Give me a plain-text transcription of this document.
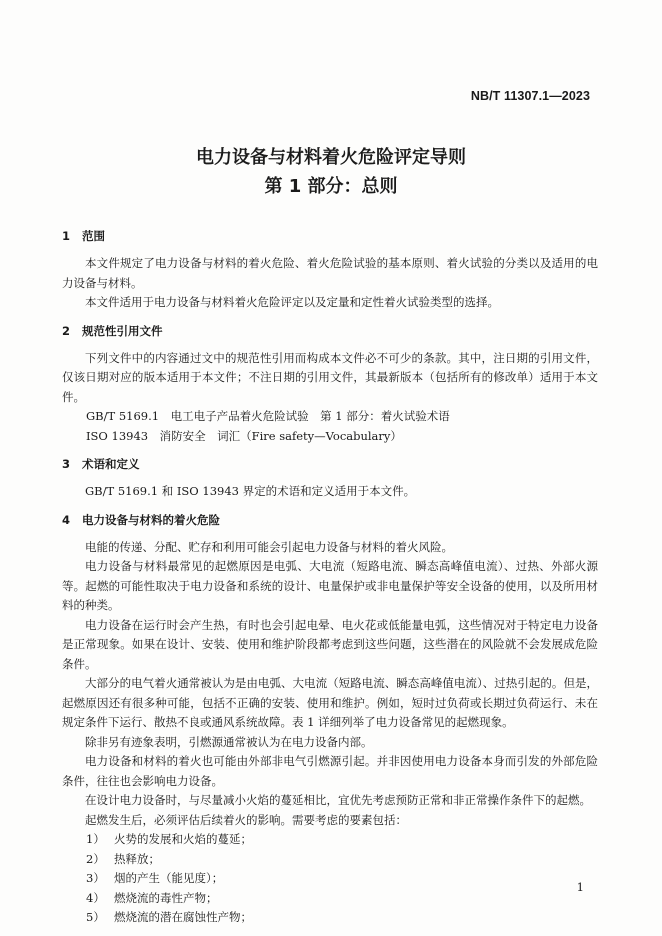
NB/T 11307.1—2023
电力设备与材料着火危险评定导则
第 1 部分：总则
1 范围

本文件规定了电力设备与材料的着火危险、着火危险试验的基本原则、着火试验的分类以及适用的电力设备与材料。

本文件适用于电力设备与材料着火危险评定以及定量和定性着火试验类型的选择。

2 规范性引用文件

下列文件中的内容通过文中的规范性引用而构成本文件必不可少的条款。其中，注日期的引用文件，仅该日期对应的版本适用于本文件；不注日期的引用文件，其最新版本（包括所有的修改单）适用于本文件。

GB/T 5169.1　电工电子产品着火危险试验　第 1 部分：着火试验术语

ISO 13943　消防安全　词汇（Fire safety—Vocabulary）

3 术语和定义

GB/T 5169.1 和 ISO 13943 界定的术语和定义适用于本文件。

4 电力设备与材料的着火危险

电能的传递、分配、贮存和利用可能会引起电力设备与材料的着火风险。

电力设备与材料最常见的起燃原因是电弧、大电流（短路电流、瞬态高峰值电流）、过热、外部火源等。起燃的可能性取决于电力设备和系统的设计、电量保护或非电量保护等安全设备的使用，以及所用材料的种类。

电力设备在运行时会产生热，有时也会引起电晕、电火花或低能量电弧，这些情况对于特定电力设备是正常现象。如果在设计、安装、使用和维护阶段都考虑到这些问题，这些潜在的风险就不会发展成危险条件。

大部分的电气着火通常被认为是由电弧、大电流（短路电流、瞬态高峰值电流）、过热引起的。但是，起燃原因还有很多种可能，包括不正确的安装、使用和维护。例如，短时过负荷或长期过负荷运行、未在规定条件下运行、散热不良或通风系统故障。表 1 详细列举了电力设备常见的起燃现象。

除非另有迹象表明，引燃源通常被认为在电力设备内部。

电力设备和材料的着火也可能由外部非电气引燃源引起。并非因使用电力设备本身而引发的外部危险条件，往往也会影响电力设备。

在设计电力设备时，与尽量减小火焰的蔓延相比，宜优先考虑预防正常和非正常操作条件下的起燃。

起燃发生后，必须评估后续着火的影响。需要考虑的要素包括：

1） 火势的发展和火焰的蔓延；

2） 热释放；

3） 烟的产生（能见度）；

4） 燃烧流的毒性产物；

5） 燃烧流的潜在腐蚀性产物；

1
